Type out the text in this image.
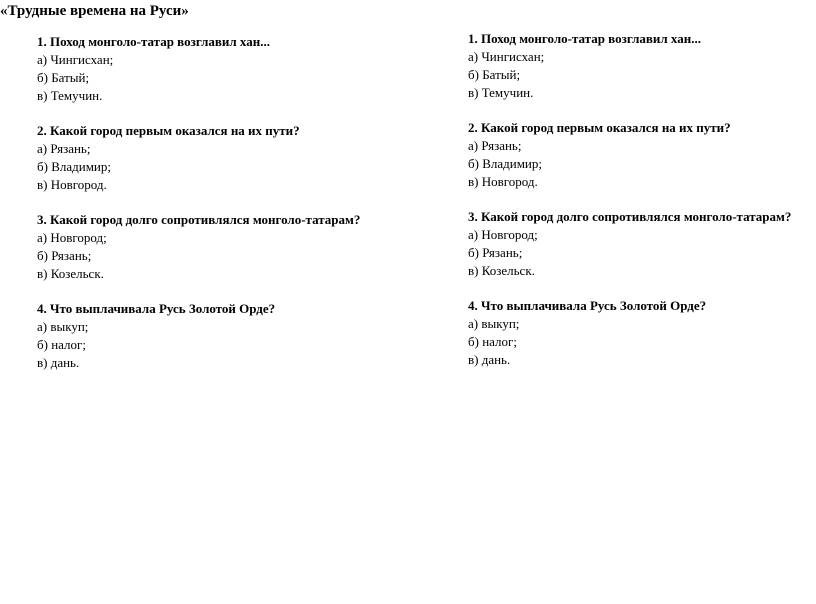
«Трудные времена на Руси»
1. Поход монголо-татар возглавил хан...
а) Чингисхан;
б) Батый;
в) Темучин.
2. Какой город первым оказался на их пути?
а) Рязань;
б) Владимир;
в) Новгород.
3. Какой город долго сопротивлялся монголо-татарам?
а) Новгород;
б) Рязань;
в) Козельск.
4. Что выплачивала Русь Золотой Орде?
а) выкуп;
б) налог;
в) дань.
1. Поход монголо-татар возглавил хан...
а) Чингисхан;
б) Батый;
в) Темучин.
2. Какой город первым оказался на их пути?
а) Рязань;
б) Владимир;
в) Новгород.
3. Какой город долго сопротивлялся монголо-татарам?
а) Новгород;
б) Рязань;
в) Козельск.
4. Что выплачивала Русь Золотой Орде?
а) выкуп;
б) налог;
в) дань.
